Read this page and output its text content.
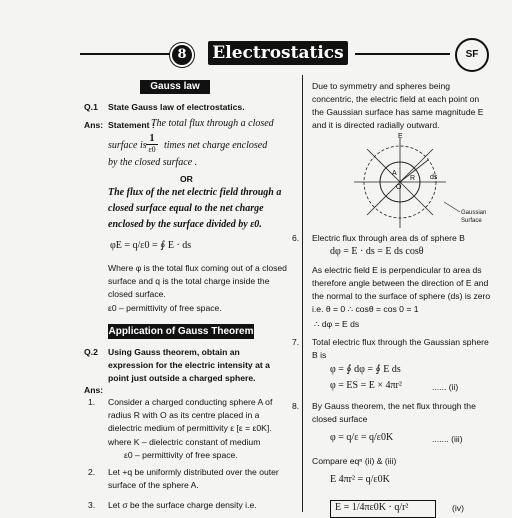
8	Electrostatics	SF
Gauss law
Q.1 State Gauss law of electrostatics.
Ans: Statement :
The total flux through a closed
surface is
1
ε0 times net charge enclosed
by the closed surface .
OR
The flux of the net electric field through a
closed surface equal to the net charge
enclosed by the surface divided by ε0.
φE = q/ε0 = ∮ E · ds
Where φ is the total flux coming out of a closed
surface and q is the total charge inside the
closed surface.
ε0 – permittivity of free space.
Application of Gauss Theorem
Q.2 Using Gauss theorem, obtain an
expression for the electric intensity at a
point just outside a charged sphere.
Ans:
1. Consider a charged conducting sphere A of
radius R with O as its centre placed in a
dielectric medium of permittivity ε [ε = ε0K].
where K – dielectric constant of medium
ε0 – permittivity of free space.
2. Let +q be uniformly distributed over the outer
surface of the sphere A.
3. Let σ be the surface charge density i.e.
Due to symmetry and spheres being
concentric, the electric field at each point on
the Gaussian surface has same magnitude E
and it is directed radially outward.
E
ds
A
O
R
Gaussian
Surface
6. Electric flux through area ds of sphere B
dφ = E · ds = E ds cosθ
As electric field E is perpendicular to area ds
therefore angle between the direction of E and
the normal to the surface of sphere (ds) is zero
i.e. θ = 0 ∴ cosθ = cos 0 = 1
∴ dφ = E ds
7. Total electric flux through the Gaussian sphere
B is
φ = ∮ dφ = ∮ E ds
φ = ES = E × 4πr²	...... (ii)
8. By Gauss theorem, the net flux through the
closed surface
φ = q/ε = q/ε0K	....... (iii)
Compare eqⁿ (ii) & (iii)
E 4πr² = q/ε0K
E = 1/4πε0K · q/r²	(iv)
